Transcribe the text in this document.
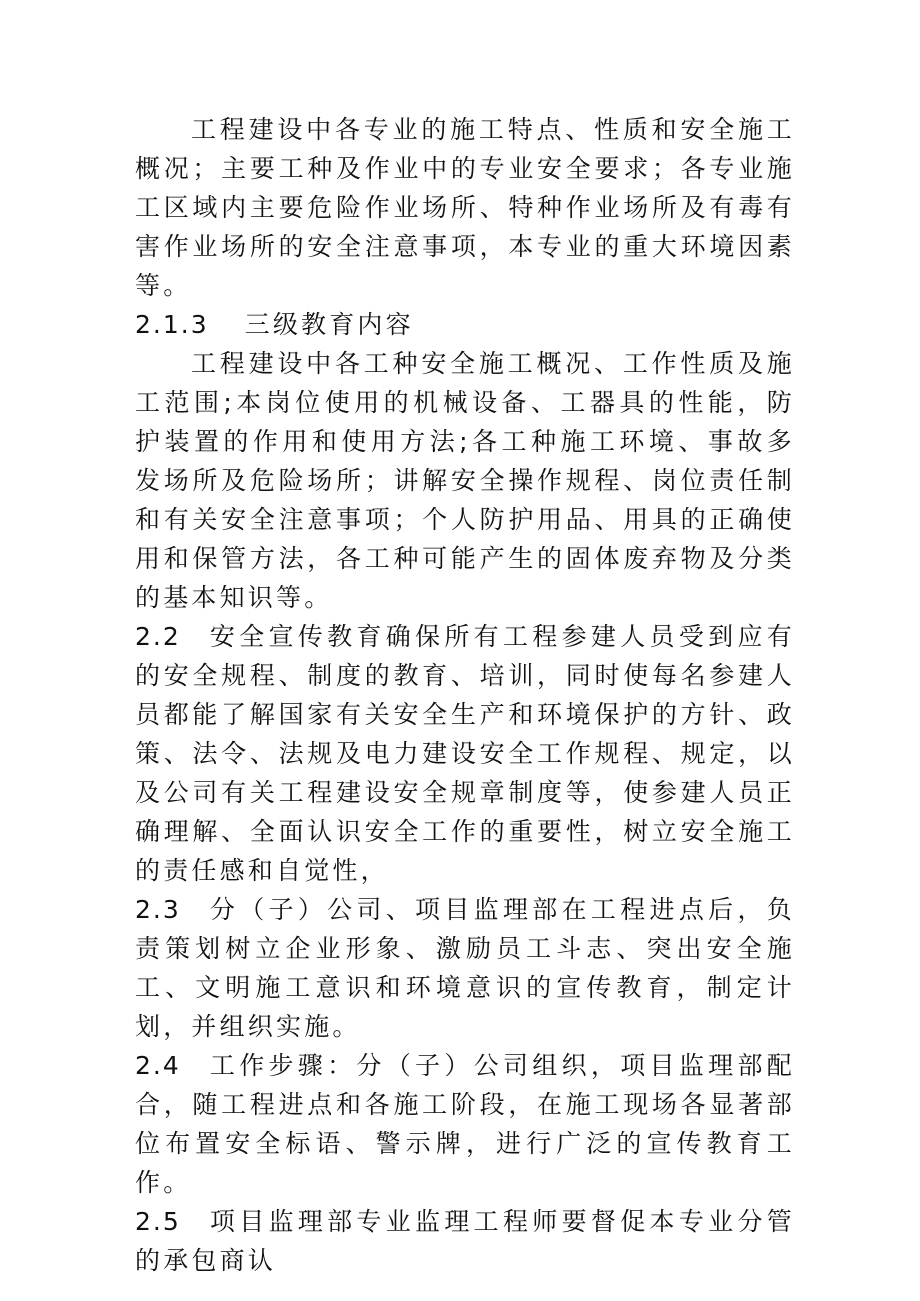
工程建设中各专业的施工特点、性质和安全施工概况；主要工种及作业中的专业安全要求；各专业施工区域内主要危险作业场所、特种作业场所及有毒有害作业场所的安全注意事项，本专业的重大环境因素等。

2.1.3 三级教育内容

工程建设中各工种安全施工概况、工作性质及施工范围;本岗位使用的机械设备、工器具的性能，防护装置的作用和使用方法;各工种施工环境、事故多发场所及危险场所；讲解安全操作规程、岗位责任制和有关安全注意事项；个人防护用品、用具的正确使用和保管方法，各工种可能产生的固体废弃物及分类的基本知识等。

2.2 安全宣传教育确保所有工程参建人员受到应有的安全规程、制度的教育、培训，同时使每名参建人员都能了解国家有关安全生产和环境保护的方针、政策、法令、法规及电力建设安全工作规程、规定，以及公司有关工程建设安全规章制度等，使参建人员正确理解、全面认识安全工作的重要性，树立安全施工的责任感和自觉性，

2.3 分（子）公司、项目监理部在工程进点后，负责策划树立企业形象、激励员工斗志、突出安全施工、文明施工意识和环境意识的宣传教育，制定计划，并组织实施。

2.4 工作步骤：分（子）公司组织，项目监理部配合，随工程进点和各施工阶段，在施工现场各显著部位布置安全标语、警示牌，进行广泛的宣传教育工作。

2.5 项目监理部专业监理工程师要督促本专业分管的承包商认
